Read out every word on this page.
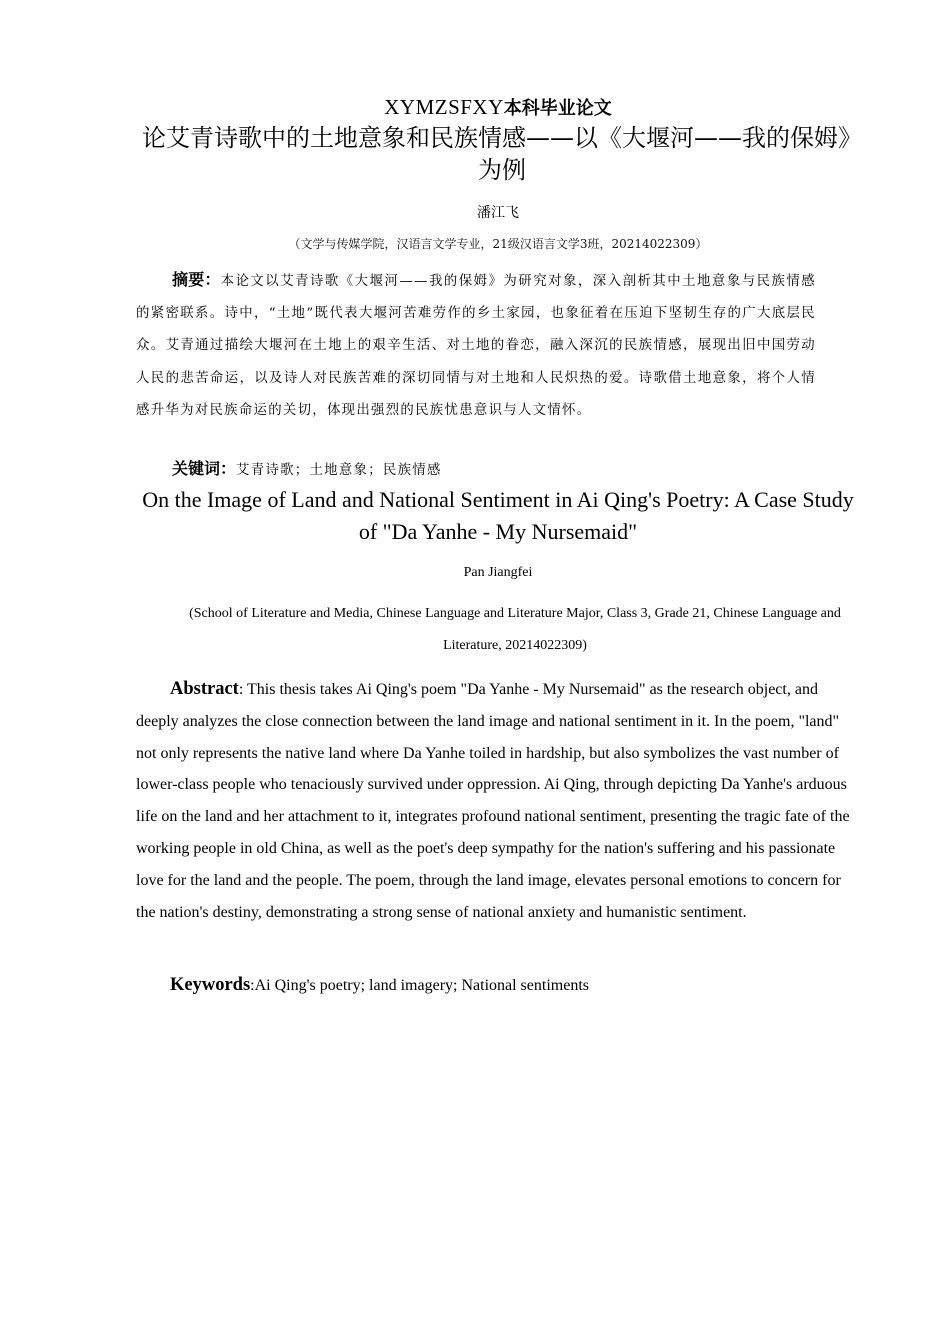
XYMZSFXY本科毕业论文
论艾青诗歌中的土地意象和民族情感——以《大堰河——我的保姆》为例
潘江飞
（文学与传媒学院，汉语言文学专业，21级汉语言文学3班，20214022309）
摘要：本论文以艾青诗歌《大堰河——我的保姆》为研究对象，深入剖析其中土地意象与民族情感的紧密联系。诗中，“土地”既代表大堰河苦难劳作的乡土家园，也象征着在压迫下坚韧生存的广大底层民众。艾青通过描绘大堰河在土地上的艰辛生活、对土地的眷恋，融入深沉的民族情感，展现出旧中国劳动人民的悲苦命运，以及诗人对民族苦难的深切同情与对土地和人民炽热的爱。诗歌借土地意象，将个人情感升华为对民族命运的关切，体现出强烈的民族忧患意识与人文情怀。
关键词：艾青诗歌；土地意象；民族情感
On the Image of Land and National Sentiment in Ai Qing's Poetry: A Case Study of "Da Yanhe - My Nursemaid"
Pan Jiangfei
(School of Literature and Media, Chinese Language and Literature Major, Class 3, Grade 21, Chinese Language and Literature, 20214022309)
Abstract: This thesis takes Ai Qing's poem "Da Yanhe - My Nursemaid" as the research object, and deeply analyzes the close connection between the land image and national sentiment in it. In the poem, "land" not only represents the native land where Da Yanhe toiled in hardship, but also symbolizes the vast number of lower-class people who tenaciously survived under oppression. Ai Qing, through depicting Da Yanhe's arduous life on the land and her attachment to it, integrates profound national sentiment, presenting the tragic fate of the working people in old China, as well as the poet's deep sympathy for the nation's suffering and his passionate love for the land and the people. The poem, through the land image, elevates personal emotions to concern for the nation's destiny, demonstrating a strong sense of national anxiety and humanistic sentiment.
Keywords:Ai Qing's poetry; land imagery; National sentiments
